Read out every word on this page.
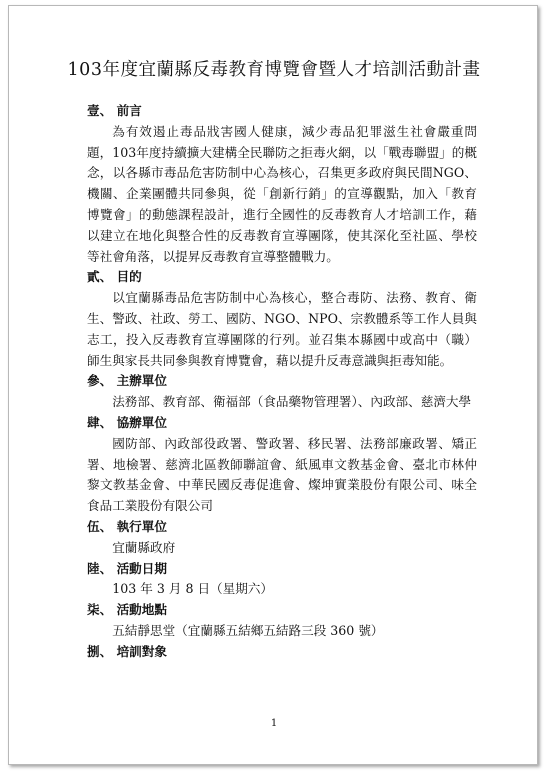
103年度宜蘭縣反毒教育博覽會暨人才培訓活動計畫

壹、 前言

為有效遏止毒品戕害國人健康，減少毒品犯罪滋生社會嚴重問題，103年度持續擴大建構全民聯防之拒毒火網，以「戰毒聯盟」的概念，以各縣市毒品危害防制中心為核心，召集更多政府與民間NGO、機關、企業團體共同參與，從「創新行銷」的宣導觀點，加入「教育博覽會」的動態課程設計，進行全國性的反毒教育人才培訓工作，藉以建立在地化與整合性的反毒教育宣導團隊，使其深化至社區、學校等社會角落，以提昇反毒教育宣導整體戰力。

貳、 目的

以宜蘭縣毒品危害防制中心為核心，整合毒防、法務、教育、衛生、警政、社政、勞工、國防、NGO、NPO、宗教體系等工作人員與志工，投入反毒教育宣導團隊的行列。並召集本縣國中或高中（職）師生與家長共同參與教育博覽會，藉以提升反毒意識與拒毒知能。

參、 主辦單位

法務部、教育部、衛福部（食品藥物管理署）、內政部、慈濟大學

肆、 協辦單位

國防部、內政部役政署、警政署、移民署、法務部廉政署、矯正署、地檢署、慈濟北區教師聯誼會、紙風車文教基金會、臺北市林仲黎文教基金會、中華民國反毒促進會、燦坤實業股份有限公司、味全食品工業股份有限公司

伍、 執行單位

宜蘭縣政府

陸、 活動日期

103 年 3 月 8 日（星期六）

柒、 活動地點

五結靜思堂（宜蘭縣五結鄉五結路三段 360 號）

捌、 培訓對象

1
